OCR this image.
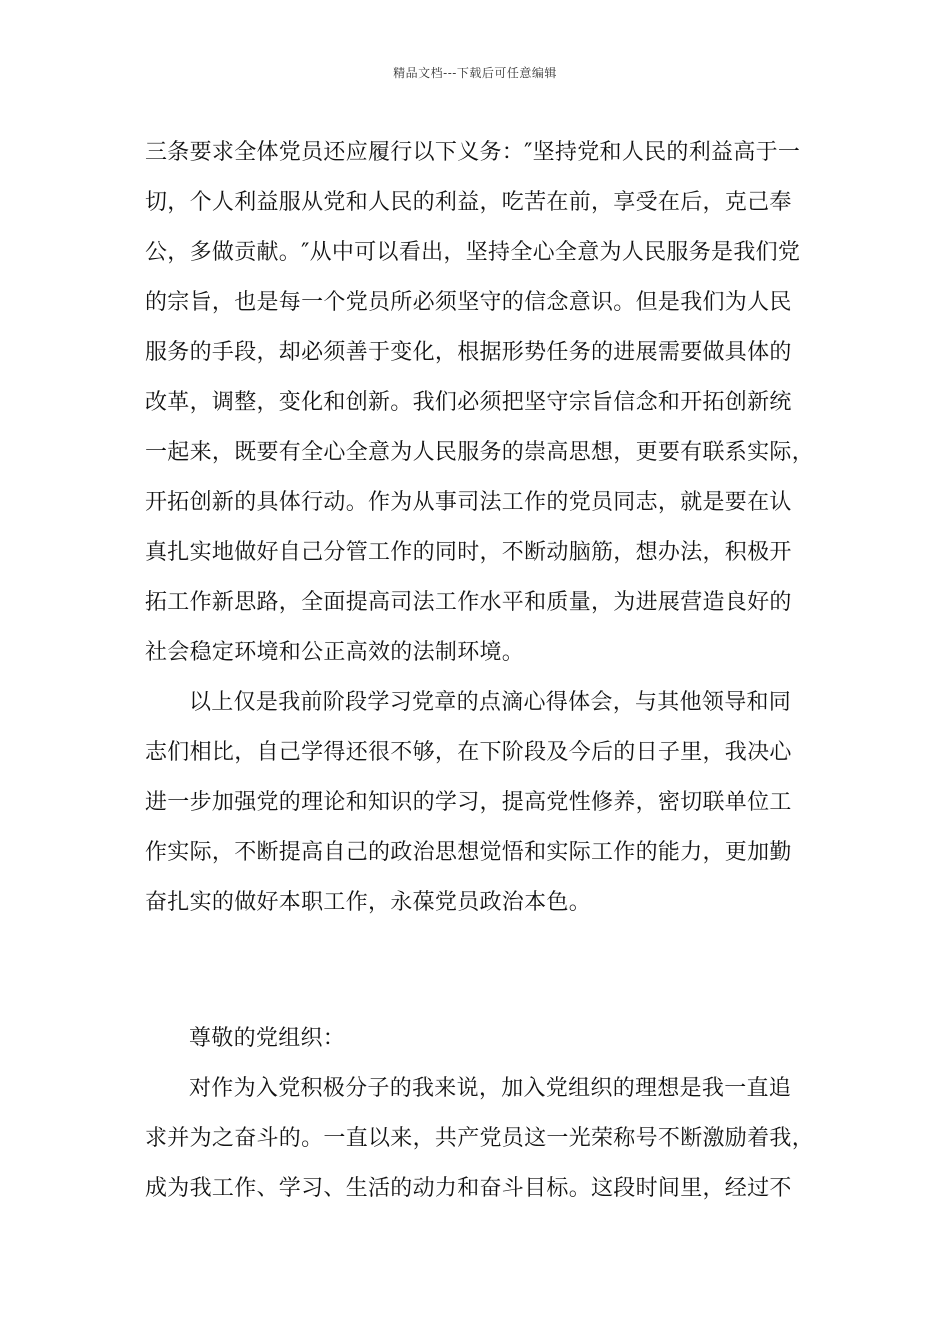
精品文档---下载后可任意编辑
三条要求全体党员还应履行以下义务：″坚持党和人民的利益高于一
切，个人利益服从党和人民的利益，吃苦在前，享受在后，克己奉
公，多做贡献。″从中可以看出，坚持全心全意为人民服务是我们党
的宗旨，也是每一个党员所必须坚守的信念意识。但是我们为人民
服务的手段，却必须善于变化，根据形势任务的进展需要做具体的
改革，调整，变化和创新。我们必须把坚守宗旨信念和开拓创新统
一起来，既要有全心全意为人民服务的崇高思想，更要有联系实际，
开拓创新的具体行动。作为从事司法工作的党员同志，就是要在认
真扎实地做好自己分管工作的同时，不断动脑筋，想办法，积极开
拓工作新思路，全面提高司法工作水平和质量，为进展营造良好的
社会稳定环境和公正高效的法制环境。
以上仅是我前阶段学习党章的点滴心得体会，与其他领导和同
志们相比，自己学得还很不够，在下阶段及今后的日子里，我决心
进一步加强党的理论和知识的学习，提高党性修养，密切联单位工
作实际，不断提高自己的政治思想觉悟和实际工作的能力，更加勤
奋扎实的做好本职工作，永葆党员政治本色。
尊敬的党组织：
对作为入党积极分子的我来说，加入党组织的理想是我一直追
求并为之奋斗的。一直以来，共产党员这一光荣称号不断激励着我，
成为我工作、学习、生活的动力和奋斗目标。这段时间里，经过不
